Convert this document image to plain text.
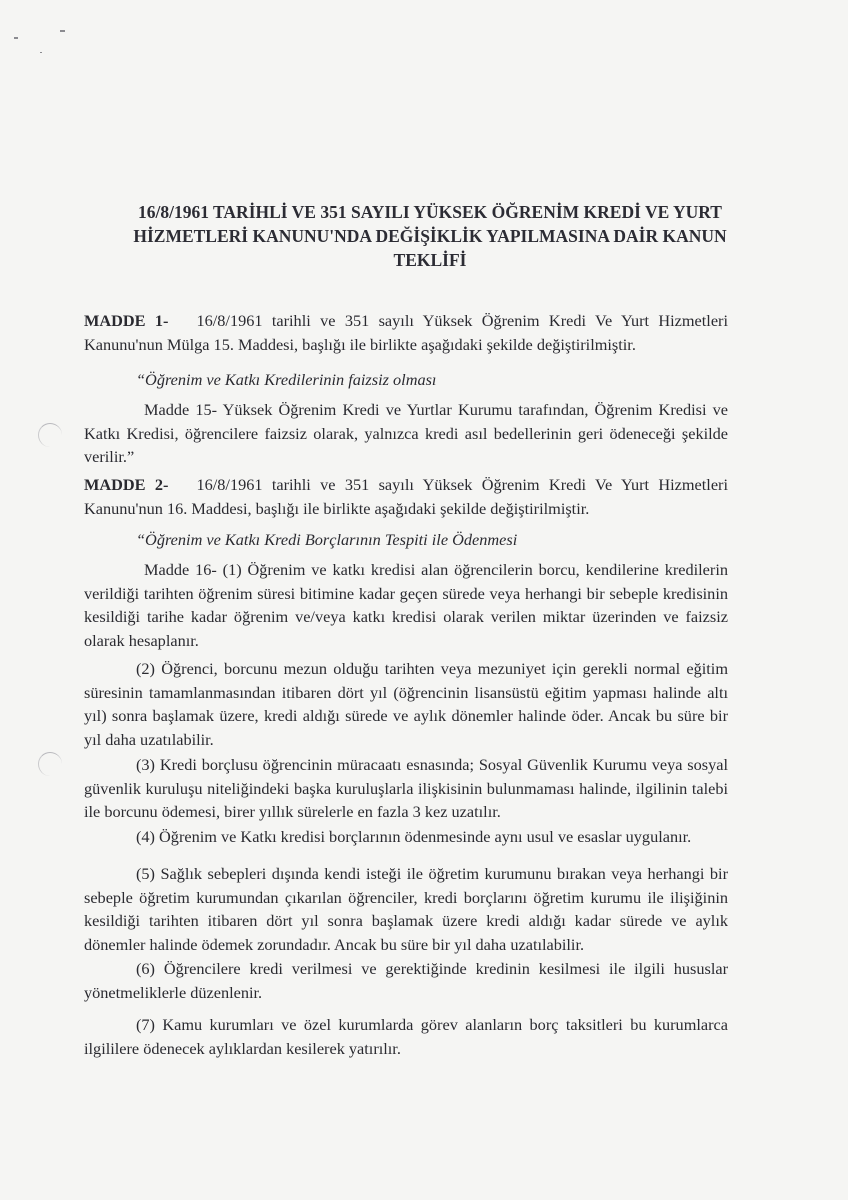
16/8/1961 TARİHLİ VE 351 SAYILI YÜKSEK ÖĞRENİM KREDİ VE YURT
HİZMETLERİ KANUNU'NDA DEĞİŞİKLİK YAPILMASINA DAİR KANUN
TEKLİFİ
MADDE 1- 16/8/1961 tarihli ve 351 sayılı Yüksek Öğrenim Kredi Ve Yurt Hizmetleri Kanunu'nun Mülga 15. Maddesi, başlığı ile birlikte aşağıdaki şekilde değiştirilmiştir.
“Öğrenim ve Katkı Kredilerinin faizsiz olması
Madde 15- Yüksek Öğrenim Kredi ve Yurtlar Kurumu tarafından, Öğrenim Kredisi ve Katkı Kredisi, öğrencilere faizsiz olarak, yalnızca kredi asıl bedellerinin geri ödeneceği şekilde verilir.”
MADDE 2- 16/8/1961 tarihli ve 351 sayılı Yüksek Öğrenim Kredi Ve Yurt Hizmetleri Kanunu'nun 16. Maddesi, başlığı ile birlikte aşağıdaki şekilde değiştirilmiştir.
“Öğrenim ve Katkı Kredi Borçlarının Tespiti ile Ödenmesi
Madde 16- (1) Öğrenim ve katkı kredisi alan öğrencilerin borcu, kendilerine kredilerin verildiği tarihten öğrenim süresi bitimine kadar geçen sürede veya herhangi bir sebeple kredisinin kesildiği tarihe kadar öğrenim ve/veya katkı kredisi olarak verilen miktar üzerinden ve faizsiz olarak hesaplanır.
(2) Öğrenci, borcunu mezun olduğu tarihten veya mezuniyet için gerekli normal eğitim süresinin tamamlanmasından itibaren dört yıl (öğrencinin lisansüstü eğitim yapması halinde altı yıl) sonra başlamak üzere, kredi aldığı sürede ve aylık dönemler halinde öder. Ancak bu süre bir yıl daha uzatılabilir.
(3) Kredi borçlusu öğrencinin müracaatı esnasında; Sosyal Güvenlik Kurumu veya sosyal güvenlik kuruluşu niteliğindeki başka kuruluşlarla ilişkisinin bulunmaması halinde, ilgilinin talebi ile borcunu ödemesi, birer yıllık sürelerle en fazla 3 kez uzatılır.
(4) Öğrenim ve Katkı kredisi borçlarının ödenmesinde aynı usul ve esaslar uygulanır.
(5) Sağlık sebepleri dışında kendi isteği ile öğretim kurumunu bırakan veya herhangi bir sebeple öğretim kurumundan çıkarılan öğrenciler, kredi borçlarını öğretim kurumu ile ilişiğinin kesildiği tarihten itibaren dört yıl sonra başlamak üzere kredi aldığı kadar sürede ve aylık dönemler halinde ödemek zorundadır. Ancak bu süre bir yıl daha uzatılabilir.
(6) Öğrencilere kredi verilmesi ve gerektiğinde kredinin kesilmesi ile ilgili hususlar yönetmeliklerle düzenlenir.
(7) Kamu kurumları ve özel kurumlarda görev alanların borç taksitleri bu kurumlarca ilgililere ödenecek aylıklardan kesilerek yatırılır.
